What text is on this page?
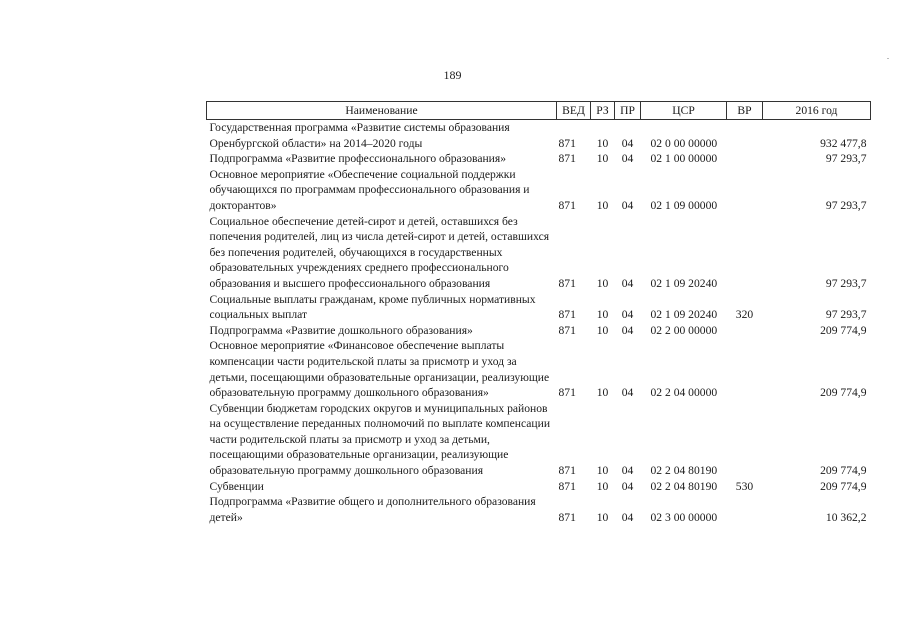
189
Наименование	ВЕД	РЗ	ПР	ЦСР	ВР	2016 год
Государственная программа «Развитие системы образования Оренбургской области» на 2014–2020 годы	871	10	04	02 0 00 00000		932 477,8
Подпрограмма «Развитие профессионального образования»	871	10	04	02 1 00 00000		97 293,7
Основное мероприятие «Обеспечение социальной поддержки обучающихся по программам профессионального образования и докторантов»	871	10	04	02 1 09 00000		97 293,7
Социальное обеспечение детей-сирот и детей, оставшихся без попечения родителей, лиц из числа детей-сирот и детей, оставшихся без попечения родителей, обучающихся в государственных образовательных учреждениях среднего профессионального образования и высшего профессионального образования	871	10	04	02 1 09 20240		97 293,7
Социальные выплаты гражданам, кроме публичных нормативных социальных выплат	871	10	04	02 1 09 20240	320	97 293,7
Подпрограмма «Развитие дошкольного образования»	871	10	04	02 2 00 00000		209 774,9
Основное мероприятие «Финансовое обеспечение выплаты компенсации части родительской платы за присмотр и уход за детьми, посещающими образовательные организации, реализующие образовательную программу дошкольного образования»	871	10	04	02 2 04 00000		209 774,9
Субвенции бюджетам городских округов и муниципальных районов на осуществление переданных полномочий по выплате компенсации части родительской платы за присмотр и уход за детьми, посещающими образовательные организации, реализующие образовательную программу дошкольного образования	871	10	04	02 2 04 80190		209 774,9
Субвенции	871	10	04	02 2 04 80190	530	209 774,9
Подпрограмма «Развитие общего и дополнительного образования детей»	871	10	04	02 3 00 00000		10 362,2
